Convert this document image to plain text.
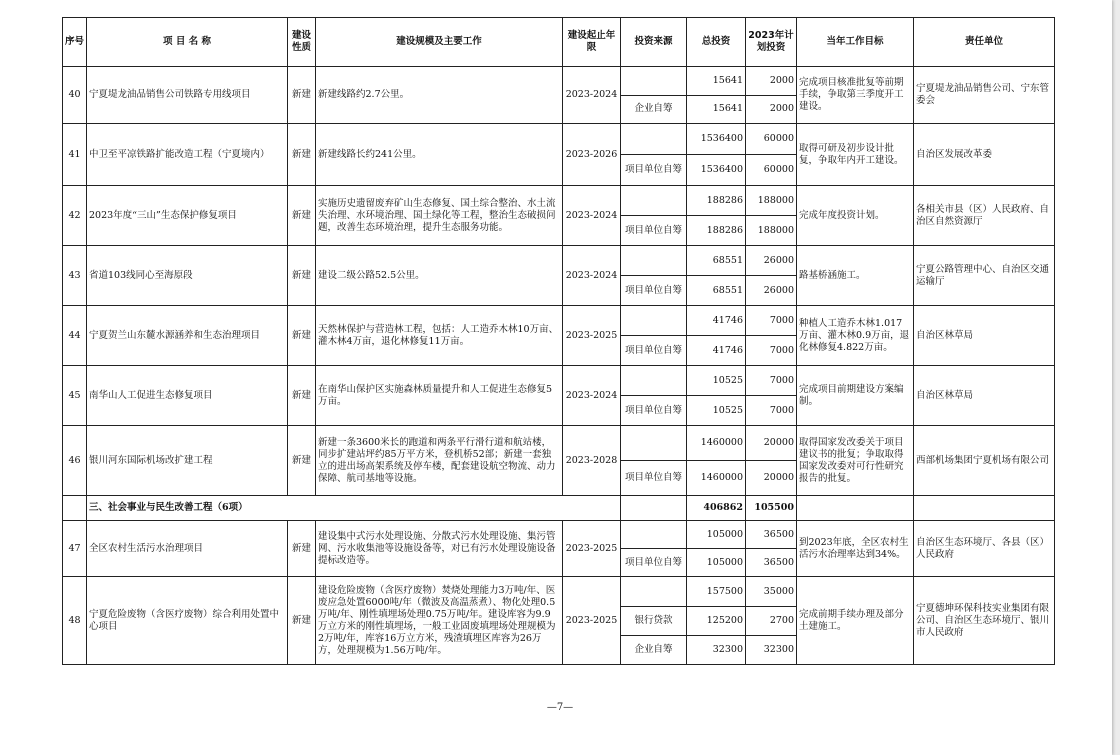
序号	项 目 名 称	建设性质	建设规模及主要工作	建设起止年限	投资来源	总投资	2023年计划投资	当年工作目标	责任单位
40	宁夏堤龙油品销售公司铁路专用线项目	新建	新建线路约2.7公里。	2023-2024		15641	2000	完成项目核准批复等前期手续，争取第三季度开工建设。	宁夏堤龙油品销售公司、宁东管委会
					企业自筹	15641	2000		
41	中卫至平凉铁路扩能改造工程（宁夏境内）	新建	新建线路长约241公里。	2023-2026		1536400	60000	取得可研及初步设计批复，争取年内开工建设。	自治区发展改革委
					项目单位自筹	1536400	60000		
42	2023年度“三山”生态保护修复项目	新建	实施历史遗留废弃矿山生态修复、国土综合整治、水土流失治理、水环境治理、国土绿化等工程，整治生态破损问题，改善生态环境治理，提升生态服务功能。	2023-2024		188286	188000	完成年度投资计划。	各相关市县（区）人民政府、自治区自然资源厅
					项目单位自筹	188286	188000		
43	省道103线同心至海原段	新建	建设二级公路52.5公里。	2023-2024		68551	26000	路基桥涵施工。	宁夏公路管理中心、自治区交通运输厅
					项目单位自筹	68551	26000		
44	宁夏贺兰山东麓水源涵养和生态治理项目	新建	天然林保护与营造林工程，包括：人工造乔木林10万亩、灌木林4万亩，退化林修复11万亩。	2023-2025		41746	7000	种植人工造乔木林1.017万亩、灌木林0.9万亩，退化林修复4.822万亩。	自治区林草局
					项目单位自筹	41746	7000		
45	南华山人工促进生态修复项目	新建	在南华山保护区实施森林质量提升和人工促进生态修复5万亩。	2023-2024		10525	7000	完成项目前期建设方案编制。	自治区林草局
					项目单位自筹	10525	7000		
46	银川河东国际机场改扩建工程	新建	新建一条3600米长的跑道和两条平行滑行道和航站楼，同步扩建站坪约85万平方米，登机桥52部；新建一套独立的进出场高架系统及停车楼，配套建设航空物流、动力保障、航司基地等设施。	2023-2028		1460000	20000	取得国家发改委关于项目建议书的批复；争取取得国家发改委对可行性研究报告的批复。	西部机场集团宁夏机场有限公司
					项目单位自筹	1460000	20000		
	三、社会事业与民生改善工程（6项）					406862	105500		
47	全区农村生活污水治理项目	新建	建设集中式污水处理设施、分散式污水处理设施、集污管网、污水收集池等设施设备等，对已有污水处理设施设备提标改造等。	2023-2025		105000	36500	到2023年底，全区农村生活污水治理率达到34%。	自治区生态环境厅、各县（区）人民政府
					项目单位自筹	105000	36500		
48	宁夏危险废物（含医疗废物）综合利用处置中心项目	新建	建设危险废物（含医疗废物）焚烧处理能力3万吨/年、医废应急处置6000吨/年（微波及高温蒸煮）、物化处理0.5万吨/年、刚性填埋场处理0.75万吨/年。建设库容为9.9万立方米的刚性填埋场，一般工业固废填埋场处理规模为2万吨/年，库容16万立方米，残渣填埋区库容为26万方，处理规模为1.56万吨/年。	2023-2025		157500	35000	完成前期手续办理及部分土建施工。	宁夏德坤环保科技实业集团有限公司、自治区生态环境厅、银川市人民政府
					银行贷款	125200	2700		
					企业自筹	32300	32300		
—7—
